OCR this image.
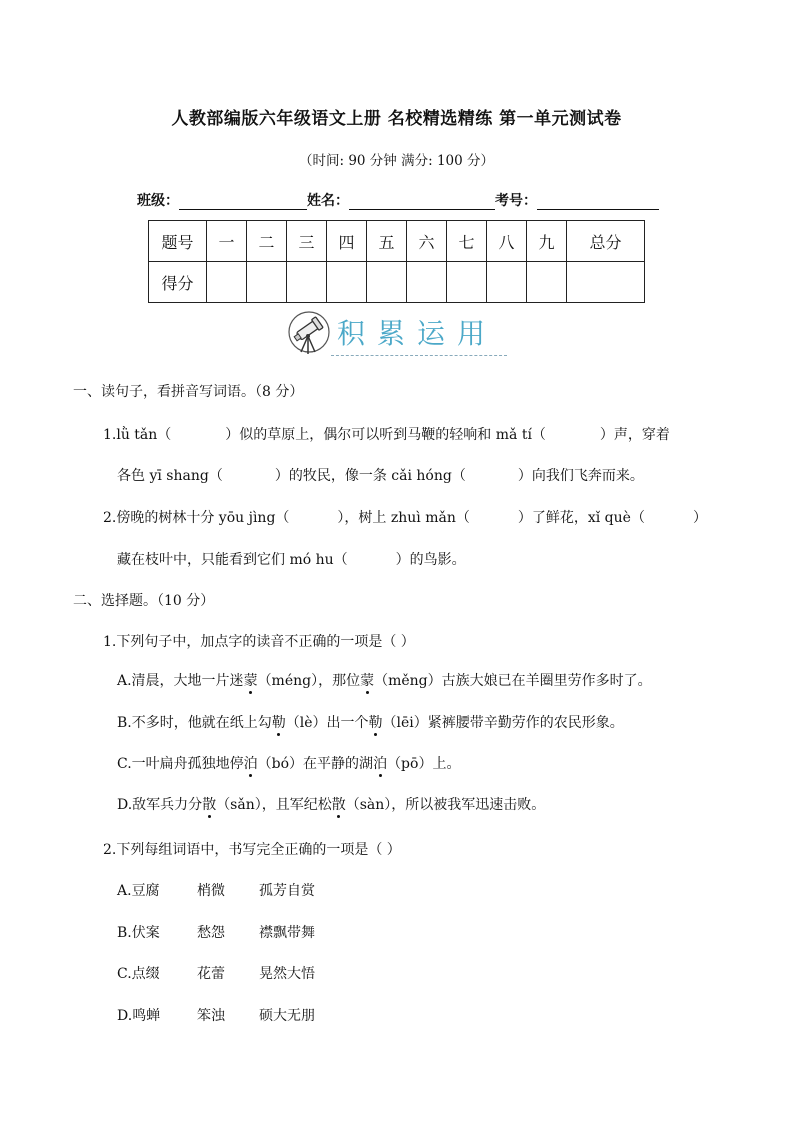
人教部编版六年级语文上册 名校精选精练 第一单元测试卷
（时间: 90 分钟 满分: 100 分）
班级：	姓名：	考号：
题号	一	二	三	四	五	六	七	八	九	总分
得分										
积累运用
一、读句子，看拼音写词语。（8 分）
1.lǜ tǎn（	）似的草原上，偶尔可以听到马鞭的轻响和 mǎ tí（	）声，穿着
各色 yī shang（	）的牧民，像一条 cǎi hóng（	）向我们飞奔而来。
2.傍晚的树林十分 yōu jìng（	），树上 zhuì mǎn（	）了鲜花，xǐ què（	）
藏在枝叶中，只能看到它们 mó hu（	）的鸟影。
二、选择题。（10 分）
1.下列句子中，加点字的读音不正确的一项是（ ）
A.清晨，大地一片迷蒙（méng），那位蒙（měng）古族大娘已在羊圈里劳作多时了。
B.不多时，他就在纸上勾勒（lè）出一个勒（lēi）紧裤腰带辛勤劳作的农民形象。
C.一叶扁舟孤独地停泊（bó）在平静的湖泊（pō）上。
D.敌军兵力分散（sǎn），且军纪松散（sàn），所以被我军迅速击败。
2.下列每组词语中，书写完全正确的一项是（ ）
A.豆腐	梢微 孤芳自赏
B.伏案	愁怨 襟飘带舞
C.点缀	花蕾 晃然大悟
D.鸣蝉	笨浊 硕大无朋
